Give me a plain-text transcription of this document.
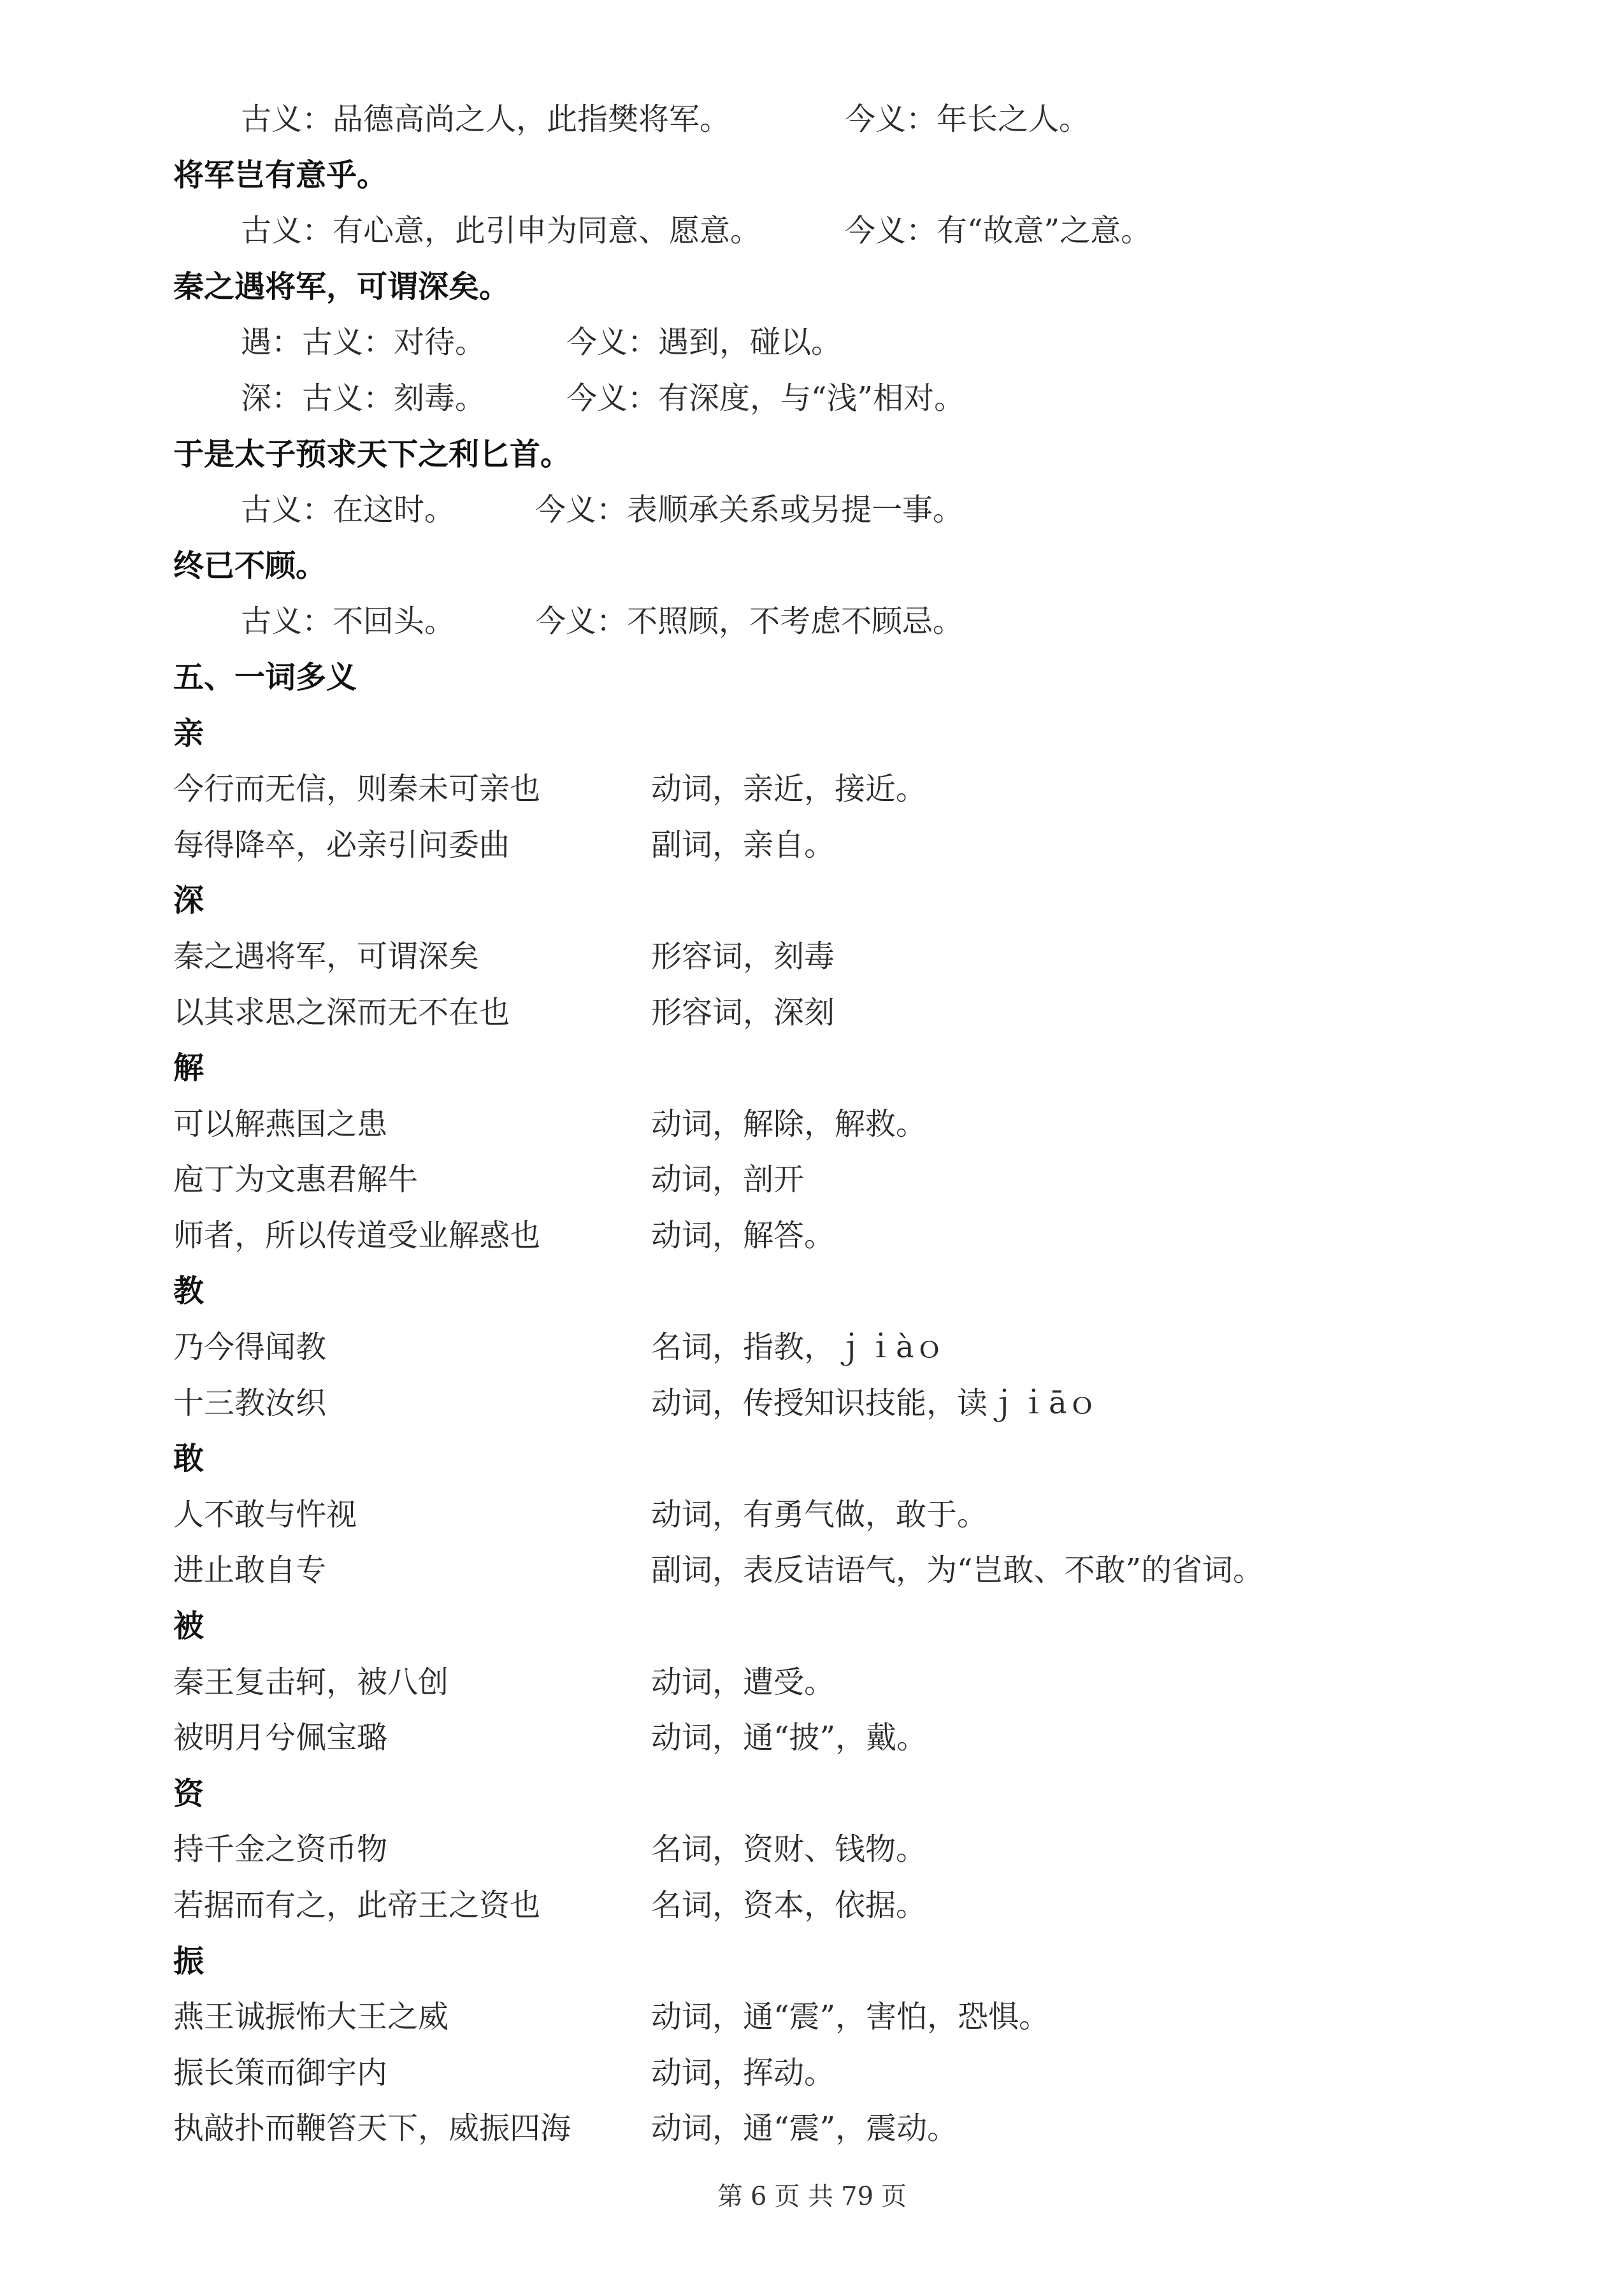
古义：品德高尚之人，此指樊将军。	今义：年长之人。
将军岂有意乎。
古义：有心意，此引申为同意、愿意。	今义：有“故意”之意。
秦之遇将军，可谓深矣。
遇：古义：对待。	今义：遇到，碰以。
深：古义：刻毒。	今义：有深度，与“浅”相对。
于是太子预求天下之利匕首。
古义：在这时。	今义：表顺承关系或另提一事。
终已不顾。
古义：不回头。	今义：不照顾，不考虑不顾忌。
五、一词多义
亲
今行而无信，则秦未可亲也	动词，亲近，接近。
每得降卒，必亲引问委曲	副词，亲自。
深
秦之遇将军，可谓深矣	形容词，刻毒
以其求思之深而无不在也	形容词，深刻
解
可以解燕国之患	动词，解除，解救。
庖丁为文惠君解牛	动词，剖开
师者，所以传道受业解惑也	动词，解答。
教
乃今得闻教	名词，指教，ｊｉàｏ
十三教汝织	动词，传授知识技能，读ｊｉāｏ
敢
人不敢与忤视	动词，有勇气做，敢于。
进止敢自专	副词，表反诘语气，为“岂敢、不敢”的省词。
被
秦王复击轲，被八创	动词，遭受。
被明月兮佩宝璐	动词，通“披”，戴。
资
持千金之资币物	名词，资财、钱物。
若据而有之，此帝王之资也	名词，资本，依据。
振
燕王诚振怖大王之威	动词，通“震”，害怕，恐惧。
振长策而御宇内	动词，挥动。
执敲扑而鞭笞天下，威振四海	动词，通“震”，震动。
第 6 页 共 79 页
